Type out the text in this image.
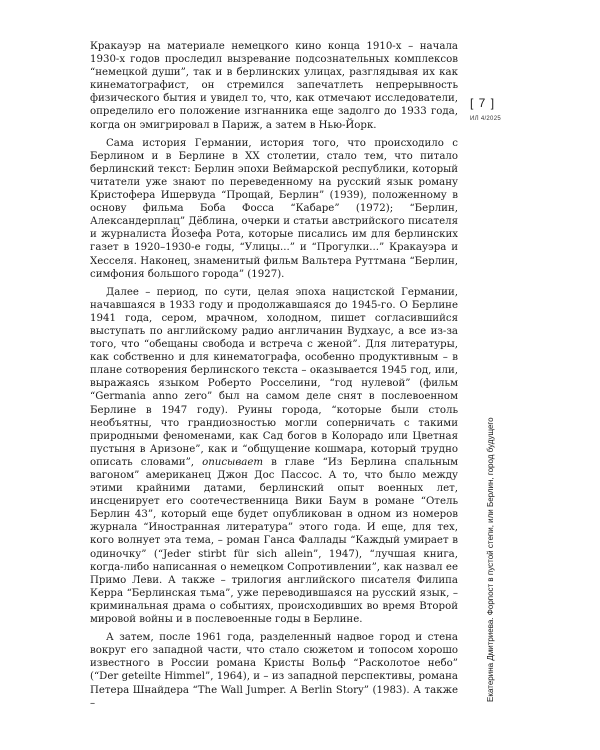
[ 7 ]
ИЛ 4/2025
Екатерина Дмитриева. Форпост в пустой степи, или Берлин, город будущего

Кракауэр на материале немецкого кино конца 1910-х – начала 1930-х годов проследил вызревание подсознательных комплексов “немецкой души”, так и в берлинских улицах, разглядывая их как кинематографист, он стремился запечатлеть непрерывность физического бытия и увидел то, что, как отмечают исследователи, определило его положение изгнанника еще задолго до 1933 года, когда он эмигрировал в Париж, а затем в Нью-Йорк.

Сама история Германии, история того, что происходило с Берлином и в Берлине в XX столетии, стало тем, что питало берлинский текст: Берлин эпохи Веймарской республики, который читатели уже знают по переведенному на русский язык роману Кристофера Ишервуда “Прощай, Берлин” (1939), положенному в основу фильма Боба Фосса “Кабаре” (1972); “Берлин, Александерплац” Дёблина, очерки и статьи австрийского писателя и журналиста Йозефа Рота, которые писались им для берлинских газет в 1920–1930-е годы, “Улицы...” и “Прогулки...” Кракауэра и Хесселя. Наконец, знаменитый фильм Вальтера Руттмана “Берлин, симфония большого города” (1927).

Далее – период, по сути, целая эпоха нацистской Германии, начавшаяся в 1933 году и продолжавшаяся до 1945-го. О Берлине 1941 года, сером, мрачном, холодном, пишет согласившийся выступать по английскому радио англичанин Вудхаус, а все из-за того, что “обещаны свобода и встреча с женой”. Для литературы, как собственно и для кинематографа, особенно продуктивным – в плане сотворения берлинского текста – оказывается 1945 год, или, выражаясь языком Роберто Росселини, “год нулевой” (фильм “Germania anno zero” был на самом деле снят в послевоенном Берлине в 1947 году). Руины города, “которые были столь необъятны, что грандиозностью могли соперничать с такими природными феноменами, как Сад богов в Колорадо или Цветная пустыня в Аризоне”, как и “общущение кошмара, который трудно описать словами”, описывает в главе “Из Берлина спальным вагоном” американец Джон Дос Пассос. А то, что было между этими крайними датами, берлинский опыт военных лет, инсценирует его соотечественница Вики Баум в романе “Отель Берлин 43”, который еще будет опубликован в одном из номеров журнала “Иностранная литература” этого года. И еще, для тех, кого волнует эта тема, – роман Ганса Фаллады “Каждый умирает в одиночку” (“Jeder stirbt für sich allein”, 1947), “лучшая книга, когда-либо написанная о немецком Сопротивлении”, как назвал ее Примо Леви. А также – трилогия английского писателя Филипа Керра “Берлинская тьма”, уже переводившаяся на русский язык, – криминальная драма о событиях, происходивших во время Второй мировой войны и в послевоенные годы в Берлине.

А затем, после 1961 года, разделенный надвое город и стена вокруг его западной части, что стало сюжетом и топосом хорошо известного в России романа Кристы Вольф “Расколотое небо” (“Der geteilte Himmel”, 1964), и – из западной перспективы, романа Петера Шнайдера “The Wall Jumper. A Berlin Story” (1983). А также –
